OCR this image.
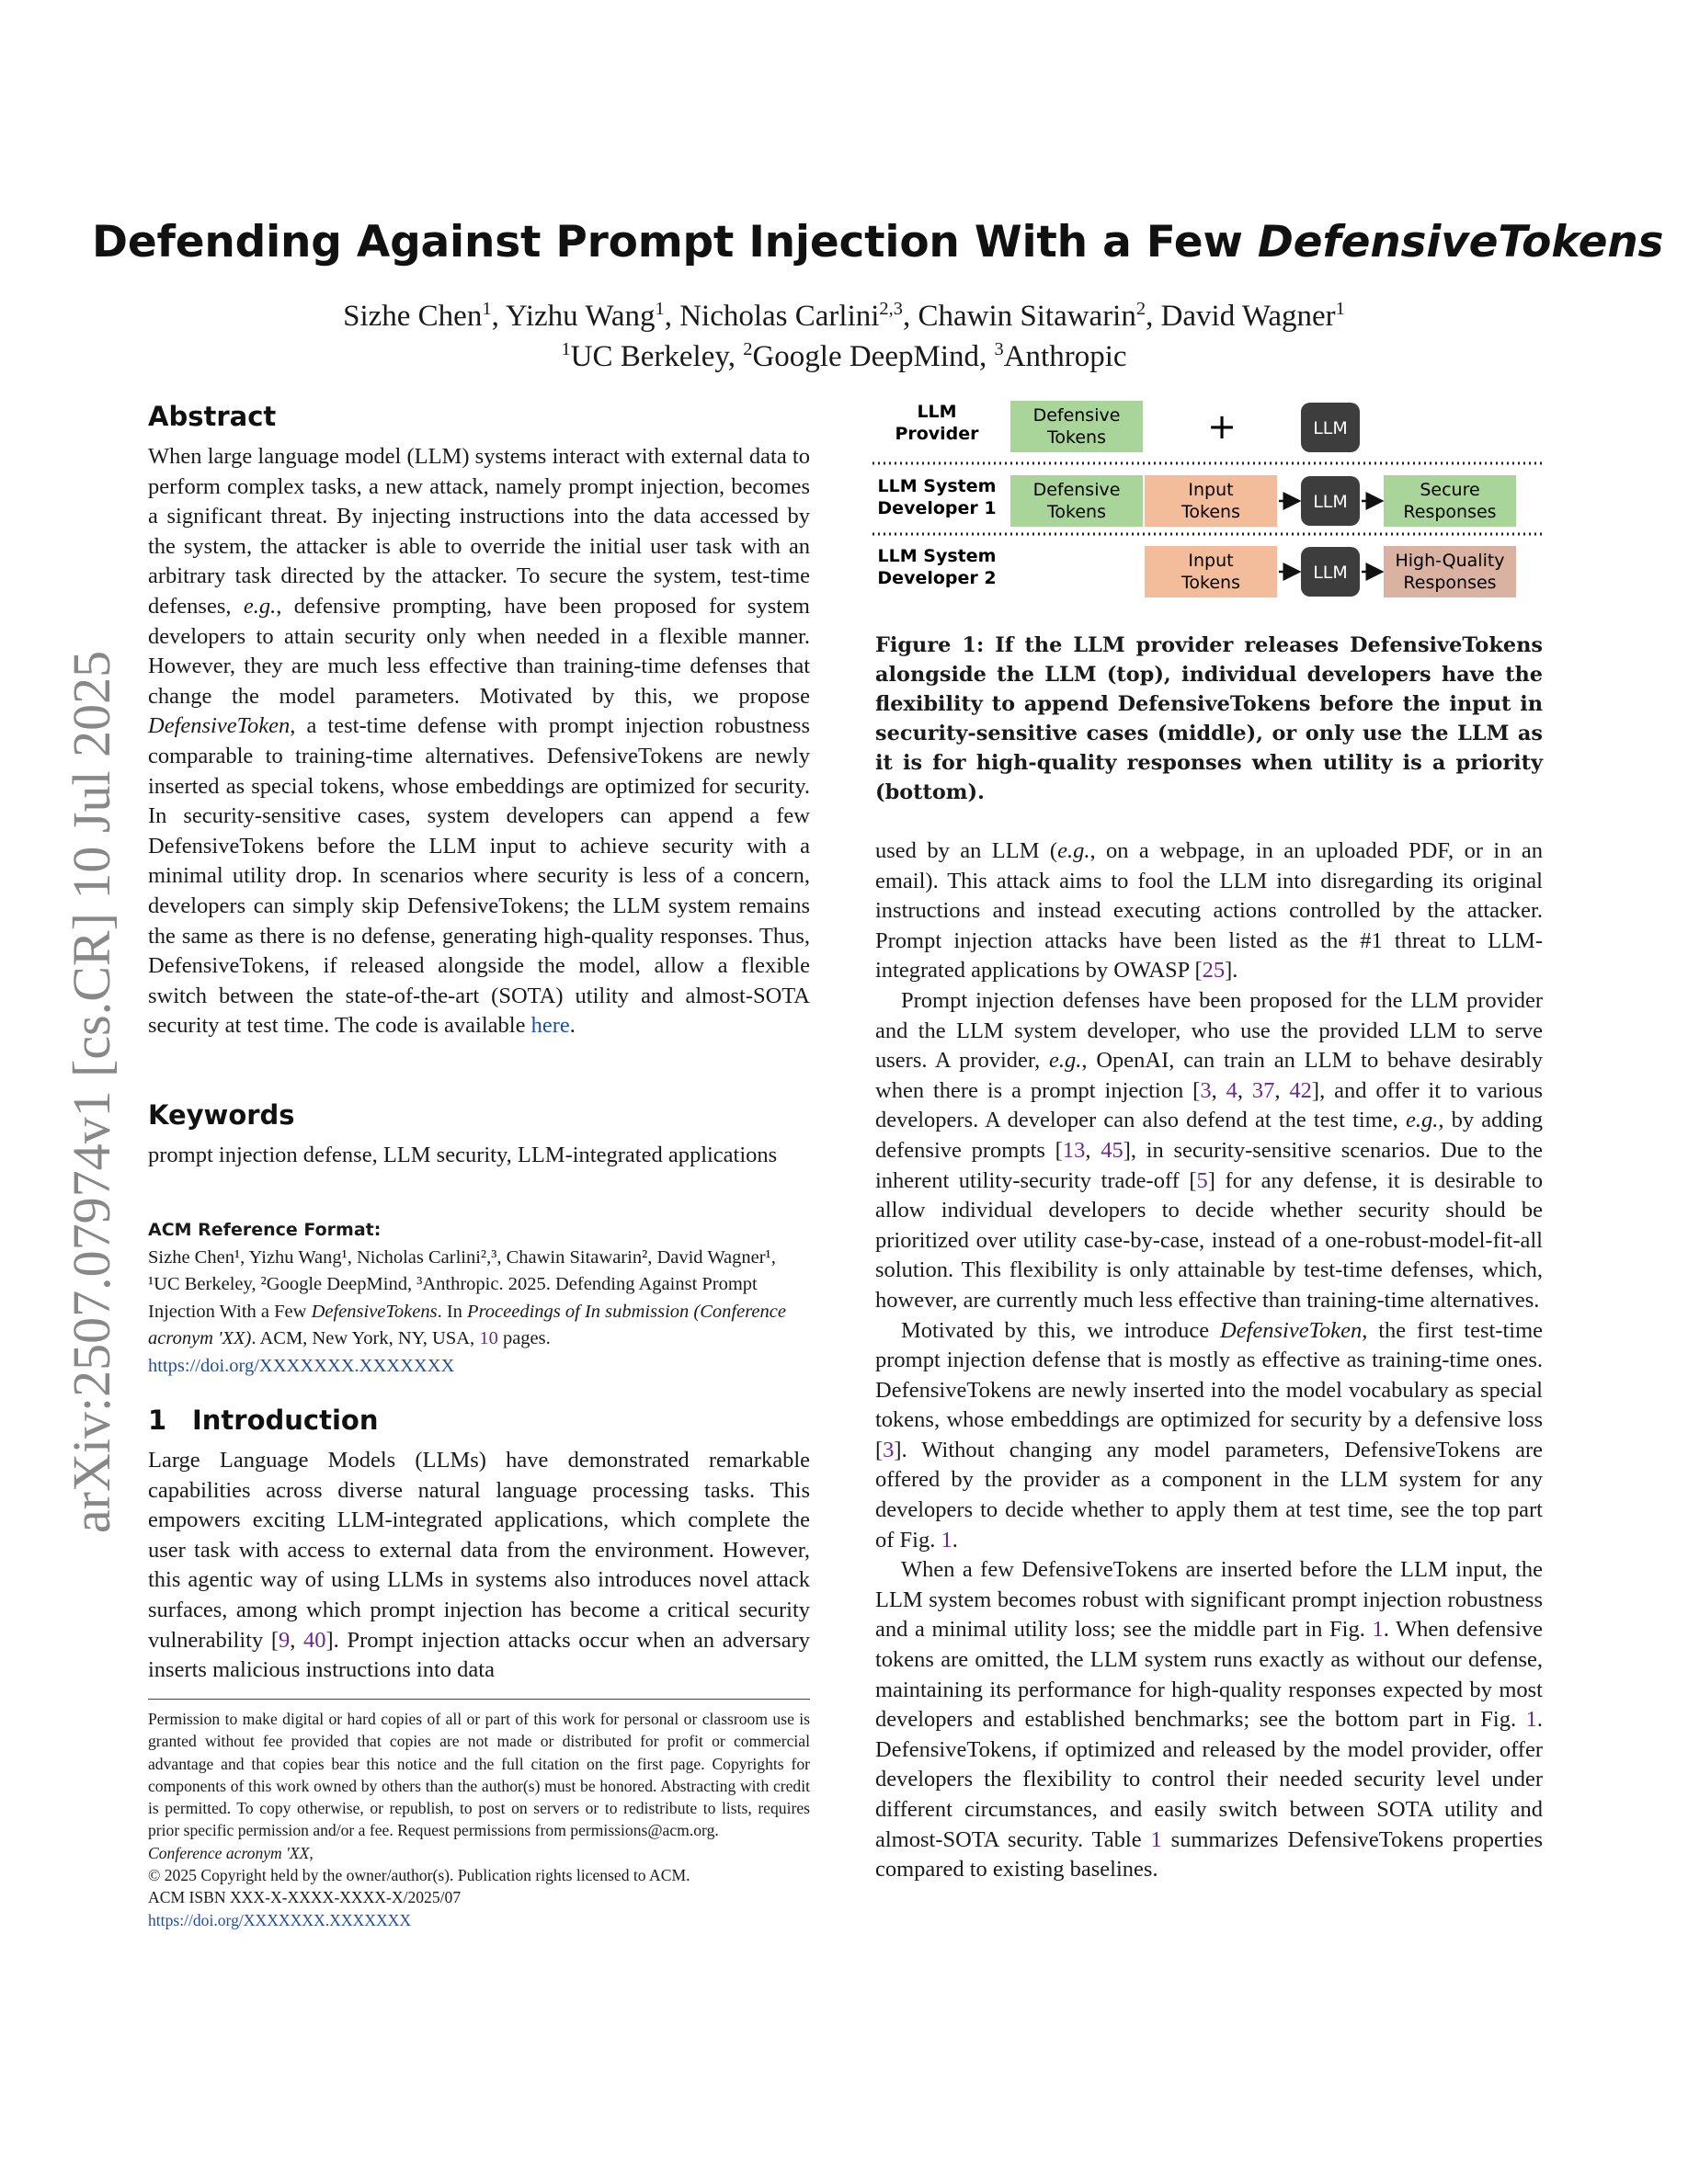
arXiv:2507.07974v1 [cs.CR] 10 Jul 2025
Defending Against Prompt Injection With a Few DefensiveTokens
Sizhe Chen$^1$, Yizhu Wang$^1$, Nicholas Carlini$^{2,3}$, Chawin Sitawarin$^2$, David Wagner$^1$
$^1$UC Berkeley, $^2$Google DeepMind, $^3$Anthropic
Abstract
When large language model (LLM) systems interact with external data to perform complex tasks, a new attack, namely prompt injection, becomes a significant threat. By injecting instructions into the data accessed by the system, the attacker is able to override the initial user task with an arbitrary task directed by the attacker. To secure the system, test-time defenses, e.g., defensive prompting, have been proposed for system developers to attain security only when needed in a flexible manner. However, they are much less effective than training-time defenses that change the model parameters. Motivated by this, we propose DefensiveToken, a test-time defense with prompt injection robustness comparable to training-time alternatives. DefensiveTokens are newly inserted as special tokens, whose embeddings are optimized for security. In security-sensitive cases, system developers can append a few DefensiveTokens before the LLM input to achieve security with a minimal utility drop. In scenarios where security is less of a concern, developers can simply skip DefensiveTokens; the LLM system remains the same as there is no defense, generating high-quality responses. Thus, DefensiveTokens, if released alongside the model, allow a flexible switch between the state-of-the-art (SOTA) utility and almost-SOTA security at test time. The code is available here.
Keywords
prompt injection defense, LLM security, LLM-integrated applications
ACM Reference Format:
Sizhe Chen¹, Yizhu Wang¹, Nicholas Carlini²,³, Chawin Sitawarin², David Wagner¹, ¹UC Berkeley, ²Google DeepMind, ³Anthropic. 2025. Defending Against Prompt Injection With a Few DefensiveTokens. In Proceedings of In submission (Conference acronym 'XX). ACM, New York, NY, USA, 10 pages.
https://doi.org/XXXXXXX.XXXXXXX
1 Introduction
Large Language Models (LLMs) have demonstrated remarkable capabilities across diverse natural language processing tasks. This empowers exciting LLM-integrated applications, which complete the user task with access to external data from the environment. However, this agentic way of using LLMs in systems also introduces novel attack surfaces, among which prompt injection has become a critical security vulnerability [9, 40]. Prompt injection attacks occur when an adversary inserts malicious instructions into data

Permission to make digital or hard copies of all or part of this work for personal or classroom use is granted without fee provided that copies are not made or distributed for profit or commercial advantage and that copies bear this notice and the full citation on the first page. Copyrights for components of this work owned by others than the author(s) must be honored. Abstracting with credit is permitted. To copy otherwise, or republish, to post on servers or to redistribute to lists, requires prior specific permission and/or a fee. Request permissions from permissions@acm.org.

Conference acronym 'XX,

© 2025 Copyright held by the owner/author(s). Publication rights licensed to ACM.

ACM ISBN XXX-X-XXXX-XXXX-X/2025/07

https://doi.org/XXXXXXX.XXXXXXX

LLM
Provider
LLM System
Developer 1
LLM System
Developer 2
Defensive
Tokens	+	LLM
Defensive
Tokens
Input
Tokens	LLM
Secure
Responses
Input
Tokens	LLM
High-Quality
Responses
Figure 1: If the LLM provider releases DefensiveTokens alongside the LLM (top), individual developers have the flexibility to append DefensiveTokens before the input in security-sensitive cases (middle), or only use the LLM as it is for high-quality responses when utility is a priority (bottom).

used by an LLM (e.g., on a webpage, in an uploaded PDF, or in an email). This attack aims to fool the LLM into disregarding its original instructions and instead executing actions controlled by the attacker. Prompt injection attacks have been listed as the #1 threat to LLM-integrated applications by OWASP [25].

Prompt injection defenses have been proposed for the LLM provider and the LLM system developer, who use the provided LLM to serve users. A provider, e.g., OpenAI, can train an LLM to behave desirably when there is a prompt injection [3, 4, 37, 42], and offer it to various developers. A developer can also defend at the test time, e.g., by adding defensive prompts [13, 45], in security-sensitive scenarios. Due to the inherent utility-security trade-off [5] for any defense, it is desirable to allow individual developers to decide whether security should be prioritized over utility case-by-case, instead of a one-robust-model-fit-all solution. This flexibility is only attainable by test-time defenses, which, however, are currently much less effective than training-time alternatives.

Motivated by this, we introduce DefensiveToken, the first test-time prompt injection defense that is mostly as effective as training-time ones. DefensiveTokens are newly inserted into the model vocabulary as special tokens, whose embeddings are optimized for security by a defensive loss [3]. Without changing any model parameters, DefensiveTokens are offered by the provider as a component in the LLM system for any developers to decide whether to apply them at test time, see the top part of Fig. 1.

When a few DefensiveTokens are inserted before the LLM input, the LLM system becomes robust with significant prompt injection robustness and a minimal utility loss; see the middle part in Fig. 1. When defensive tokens are omitted, the LLM system runs exactly as without our defense, maintaining its performance for high-quality responses expected by most developers and established benchmarks; see the bottom part in Fig. 1. DefensiveTokens, if optimized and released by the model provider, offer developers the flexibility to control their needed security level under different circumstances, and easily switch between SOTA utility and almost-SOTA security. Table 1 summarizes DefensiveTokens properties compared to existing baselines.
